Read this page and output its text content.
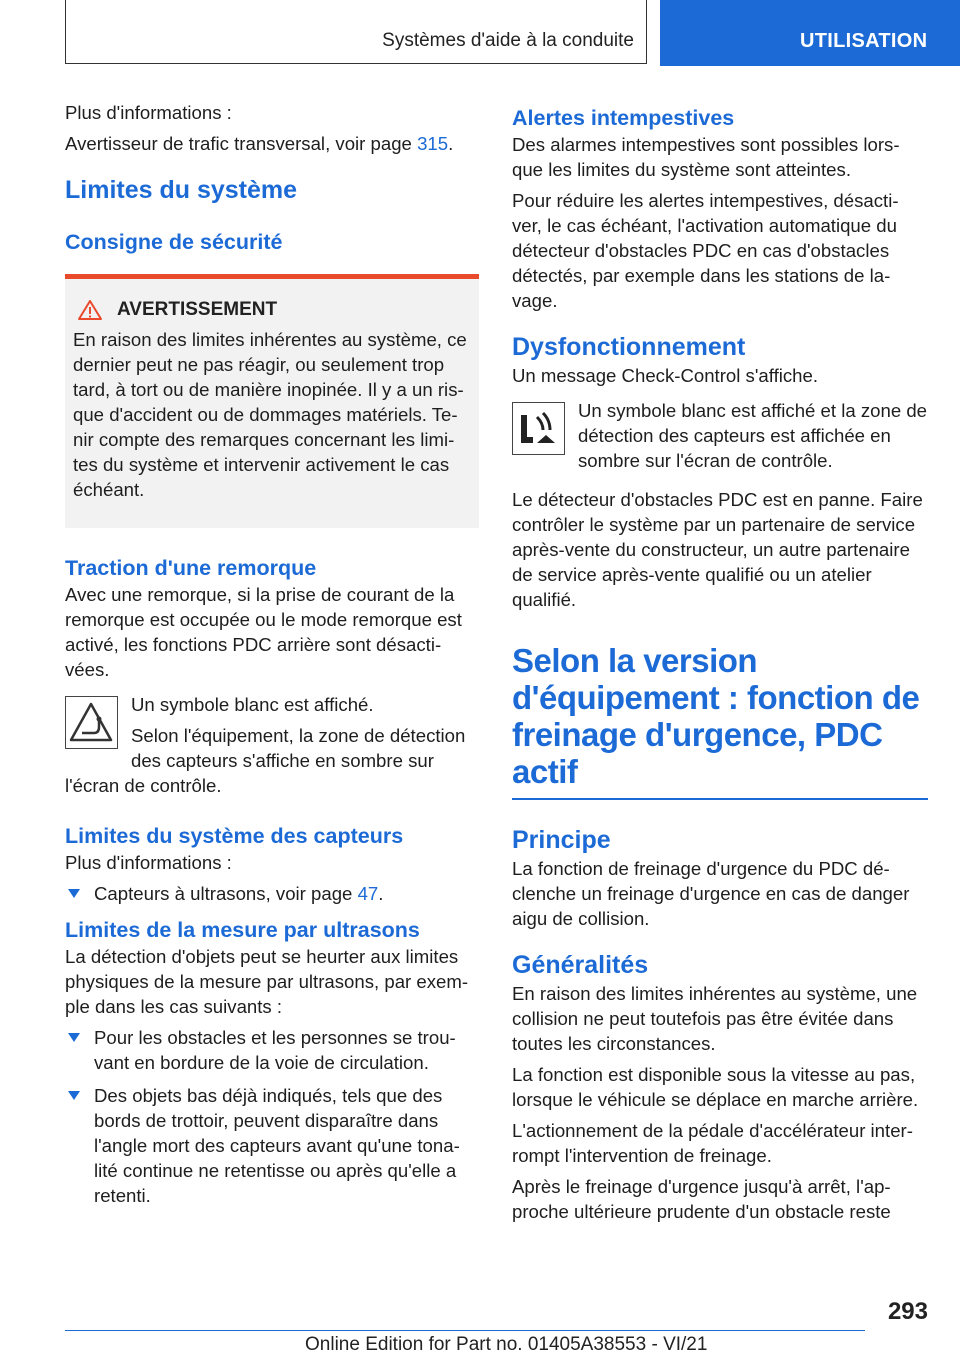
Systèmes d'aide à la conduite	UTILISATION

Plus d'informations :

Avertisseur de trafic transversal, voir page 315.

Limites du système
Consigne de sécurité
AVERTISSEMENT

En raison des limites inhérentes au système, ce dernier peut ne pas réagir, ou seulement trop tard, à tort ou de manière inopinée. Il y a un ris-que d'accident ou de dommages matériels. Te-nir compte des remarques concernant les limi-tes du système et intervenir activement le cas échéant.

Traction d'une remorque

Avec une remorque, si la prise de courant de la remorque est occupée ou le mode remorque est activé, les fonctions PDC arrière sont désacti-vées.

Un symbole blanc est affiché.

Selon l'équipement, la zone de détection des capteurs s'affiche en sombre sur

l'écran de contrôle.

Limites du système des capteurs

Plus d'informations :

Capteurs à ultrasons, voir page 47.
Limites de la mesure par ultrasons

La détection d'objets peut se heurter aux limites physiques de la mesure par ultrasons, par exem-ple dans les cas suivants :

Pour les obstacles et les personnes se trou-vant en bordure de la voie de circulation.
Des objets bas déjà indiqués, tels que des bords de trottoir, peuvent disparaître dans l'angle mort des capteurs avant qu'une tona-lité continue ne retentisse ou après qu'elle a retenti.
Alertes intempestives

Des alarmes intempestives sont possibles lors-que les limites du système sont atteintes.

Pour réduire les alertes intempestives, désacti-ver, le cas échéant, l'activation automatique du détecteur d'obstacles PDC en cas d'obstacles détectés, par exemple dans les stations de la-vage.

Dysfonctionnement

Un message Check-Control s'affiche.

Un symbole blanc est affiché et la zone de détection des capteurs est affichée en sombre sur l'écran de contrôle.

Le détecteur d'obstacles PDC est en panne. Faire contrôler le système par un partenaire de service après-vente du constructeur, un autre partenaire de service après-vente qualifié ou un atelier qualifié.

Selon la version d'équipement : fonction de freinage d'urgence, PDC actif
Principe

La fonction de freinage d'urgence du PDC dé-clenche un freinage d'urgence en cas de danger aigu de collision.

Généralités

En raison des limites inhérentes au système, une collision ne peut toutefois pas être évitée dans toutes les circonstances.

La fonction est disponible sous la vitesse au pas, lorsque le véhicule se déplace en marche arrière.

L'actionnement de la pédale d'accélérateur inter-rompt l'intervention de freinage.

Après le freinage d'urgence jusqu'à arrêt, l'ap-proche ultérieure prudente d'un obstacle reste

293
Online Edition for Part no. 01405A38553 - VI/21
